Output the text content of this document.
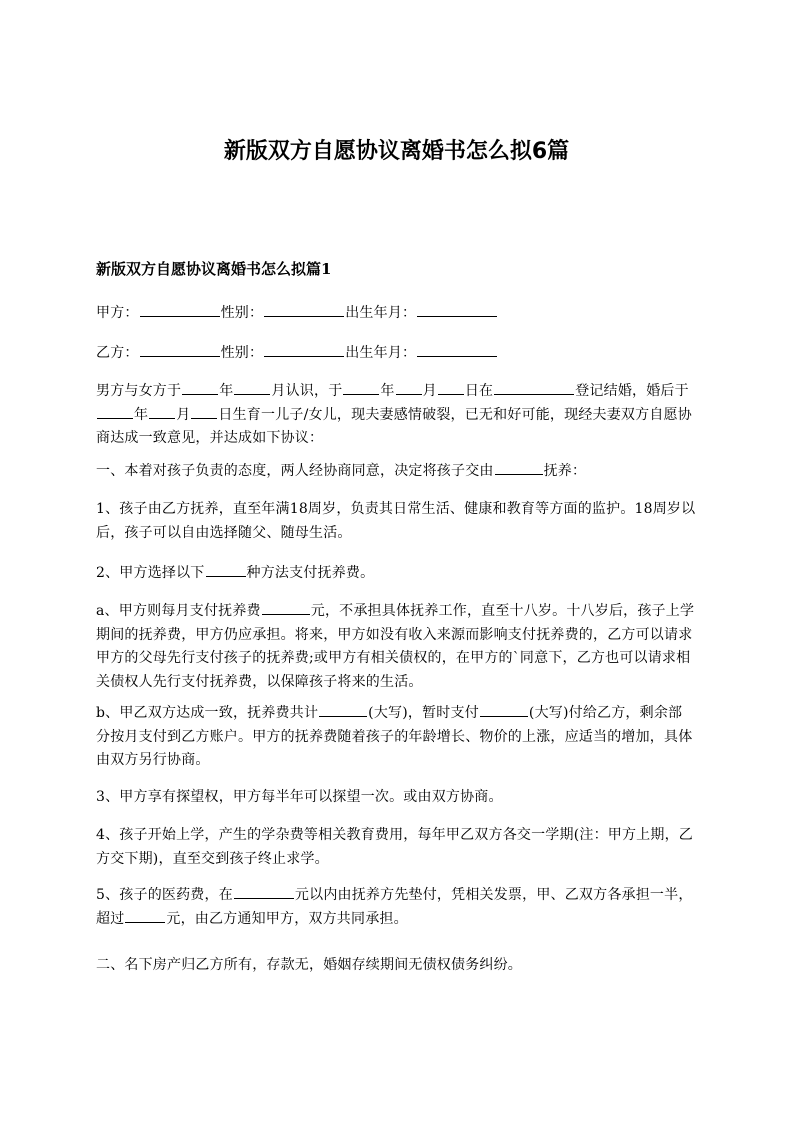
新版双方自愿协议离婚书怎么拟6篇
新版双方自愿协议离婚书怎么拟篇1

甲方：	性别：	出生年月：

乙方：	性别：	出生年月：

男方与女方于	年	月认识，于	年 月 日在	登记结婚，婚后于年 月 日生育一儿子/女儿，现夫妻感情破裂，已无和好可能，现经夫妻双方自愿协商达成一致意见，并达成如下协议：

一、本着对孩子负责的态度，两人经协商同意，决定将孩子交由	抚养：

1、孩子由乙方抚养，直至年满18周岁，负责其日常生活、健康和教育等方面的监护。18周岁以后，孩子可以自由选择随父、随母生活。

2、甲方选择以下	种方法支付抚养费。

a、甲方则每月支付抚养费	元，不承担具体抚养工作，直至十八岁。十八岁后，孩子上学期间的抚养费，甲方仍应承担。将来，甲方如没有收入来源而影响支付抚养费的，乙方可以请求甲方的父母先行支付孩子的抚养费;或甲方有相关债权的，在甲方的`同意下，乙方也可以请求相关债权人先行支付抚养费，以保障孩子将来的生活。

b、甲乙双方达成一致，抚养费共计	(大写)，暂时支付	(大写)付给乙方，剩余部分按月支付到乙方账户。甲方的抚养费随着孩子的年龄增长、物价的上涨，应适当的增加，具体由双方另行协商。

3、甲方享有探望权，甲方每半年可以探望一次。或由双方协商。

4、孩子开始上学，产生的学杂费等相关教育费用，每年甲乙双方各交一学期(注：甲方上期，乙方交下期)，直至交到孩子终止求学。

5、孩子的医药费，在	元以内由抚养方先垫付，凭相关发票，甲、乙双方各承担一半，超过	元，由乙方通知甲方，双方共同承担。

二、名下房产归乙方所有，存款无，婚姻存续期间无债权债务纠纷。
